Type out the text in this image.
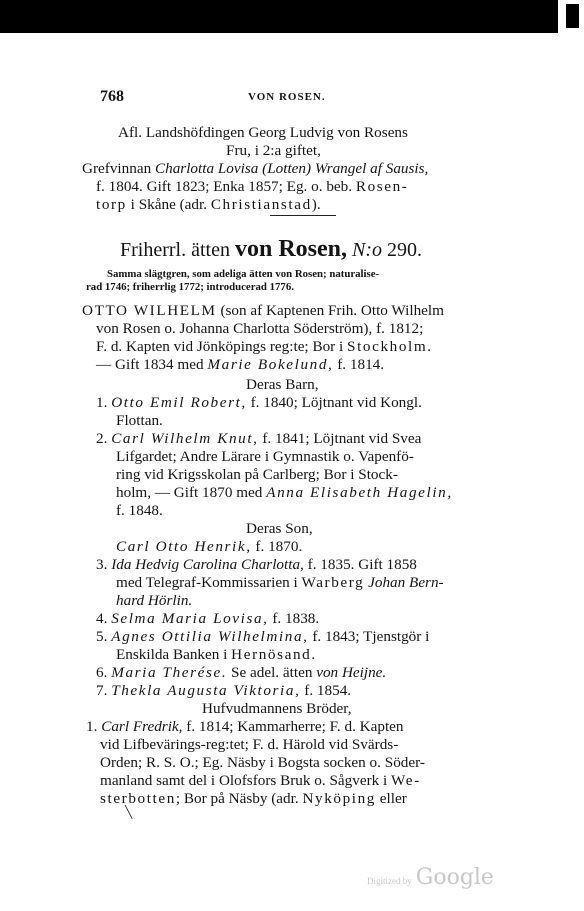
768	VON ROSEN.
Afl. Landshöfdingen Georg Ludvig von Rosens
Fru, i 2:a giftet,
Grefvinnan Charlotta Lovisa (Lotten) Wrangel af Sausis,
f. 1804. Gift 1823; Enka 1857; Eg. o. beb. Rosen-
torp i Skåne (adr. Christianstad).
Friherrl. ätten von Rosen, N:o 290.
Samma slägtgren, som adeliga ätten von Rosen; naturalise-
rad 1746; friherrlig 1772; introducerad 1776.
OTTO WILHELM (son af Kaptenen Frih. Otto Wilhelm
von Rosen o. Johanna Charlotta Söderström), f. 1812;
F. d. Kapten vid Jönköpings reg:te; Bor i Stockholm.
— Gift 1834 med Marie Bokelund, f. 1814.
Deras Barn,
1. Otto Emil Robert, f. 1840; Löjtnant vid Kongl.
Flottan.
2. Carl Wilhelm Knut, f. 1841; Löjtnant vid Svea
Lifgardet; Andre Lärare i Gymnastik o. Vapenfö-
ring vid Krigsskolan på Carlberg; Bor i Stock-
holm, — Gift 1870 med Anna Elisabeth Hagelin,
f. 1848.
Deras Son,
Carl Otto Henrik, f. 1870.
3. Ida Hedvig Carolina Charlotta, f. 1835. Gift 1858
med Telegraf-Kommissarien i Warberg Johan Bern-
hard Hörlin.
4. Selma Maria Lovisa, f. 1838.
5. Agnes Ottilia Wilhelmina, f. 1843; Tjenstgör i
Enskilda Banken i Hernösand.
6. Maria Therése. Se adel. ätten von Heijne.
7. Thekla Augusta Viktoria, f. 1854.
Hufvudmannens Bröder,
1. Carl Fredrik, f. 1814; Kammarherre; F. d. Kapten
vid Lifbevärings-reg:tet; F. d. Härold vid Svärds-
Orden; R. S. O.; Eg. Näsby i Bogsta socken o. Söder-
manland samt del i Olofsfors Bruk o. Sågverk i We-
sterbotten; Bor på Näsby (adr. Nyköping eller
╲
Digitized by Google
